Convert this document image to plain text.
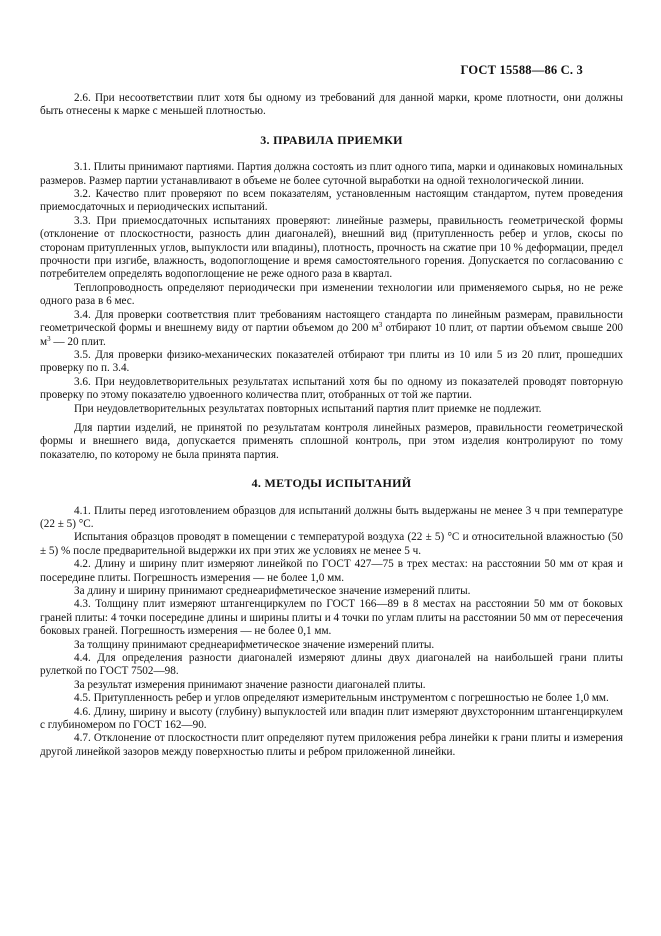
ГОСТ 15588—86 С. 3

2.6. При несоответствии плит хотя бы одному из требований для данной марки, кроме плотности, они должны быть отнесены к марке с меньшей плотностью.

3. ПРАВИЛА ПРИЕМКИ

3.1. Плиты принимают партиями. Партия должна состоять из плит одного типа, марки и одинаковых номинальных размеров. Размер партии устанавливают в объеме не более суточной выработки на одной технологической линии.

3.2. Качество плит проверяют по всем показателям, установленным настоящим стандартом, путем проведения приемосдаточных и периодических испытаний.

3.3. При приемосдаточных испытаниях проверяют: линейные размеры, правильность геометрической формы (отклонение от плоскостности, разность длин диагоналей), внешний вид (притупленность ребер и углов, скосы по сторонам притупленных углов, выпуклости или впадины), плотность, прочность на сжатие при 10 % деформации, предел прочности при изгибе, влажность, водопоглощение и время самостоятельного горения. Допускается по согласованию с потребителем определять водопоглощение не реже одного раза в квартал.

Теплопроводность определяют периодически при изменении технологии или применяемого сырья, но не реже одного раза в 6 мес.

3.4. Для проверки соответствия плит требованиям настоящего стандарта по линейным размерам, правильности геометрической формы и внешнему виду от партии объемом до 200 $м^3$ отбирают 10 плит, от партии объемом свыше 200 $м^3$ — 20 плит.

3.5. Для проверки физико-механических показателей отбирают три плиты из 10 или 5 из 20 плит, прошедших проверку по п. 3.4.

3.6. При неудовлетворительных результатах испытаний хотя бы по одному из показателей проводят повторную проверку по этому показателю удвоенного количества плит, отобранных от той же партии.

При неудовлетворительных результатах повторных испытаний партия плит приемке не подлежит.

Для партии изделий, не принятой по результатам контроля линейных размеров, правильности геометрической формы и внешнего вида, допускается применять сплошной контроль, при этом изделия контролируют по тому показателю, по которому не была принята партия.

4. МЕТОДЫ ИСПЫТАНИЙ

4.1. Плиты перед изготовлением образцов для испытаний должны быть выдержаны не менее 3 ч при температуре (22 ± 5) °С.

Испытания образцов проводят в помещении с температурой воздуха (22 ± 5) °С и относительной влажностью (50 ± 5) % после предварительной выдержки их при этих же условиях не менее 5 ч.

4.2. Длину и ширину плит измеряют линейкой по ГОСТ 427—75 в трех местах: на расстоянии 50 мм от края и посередине плиты. Погрешность измерения — не более 1,0 мм.

За длину и ширину принимают среднеарифметическое значение измерений плиты.

4.3. Толщину плит измеряют штангенциркулем по ГОСТ 166—89 в 8 местах на расстоянии 50 мм от боковых граней плиты: 4 точки посередине длины и ширины плиты и 4 точки по углам плиты на расстоянии 50 мм от пересечения боковых граней. Погрешность измерения — не более 0,1 мм.

За толщину принимают среднеарифметическое значение измерений плиты.

4.4. Для определения разности диагоналей измеряют длины двух диагоналей на наибольшей грани плиты рулеткой по ГОСТ 7502—98.

За результат измерения принимают значение разности диагоналей плиты.

4.5. Притупленность ребер и углов определяют измерительным инструментом с погрешностью не более 1,0 мм.

4.6. Длину, ширину и высоту (глубину) выпуклостей или впадин плит измеряют двухсторонним штангенциркулем с глубиномером по ГОСТ 162—90.

4.7. Отклонение от плоскостности плит определяют путем приложения ребра линейки к грани плиты и измерения другой линейкой зазоров между поверхностью плиты и ребром приложенной линейки.
